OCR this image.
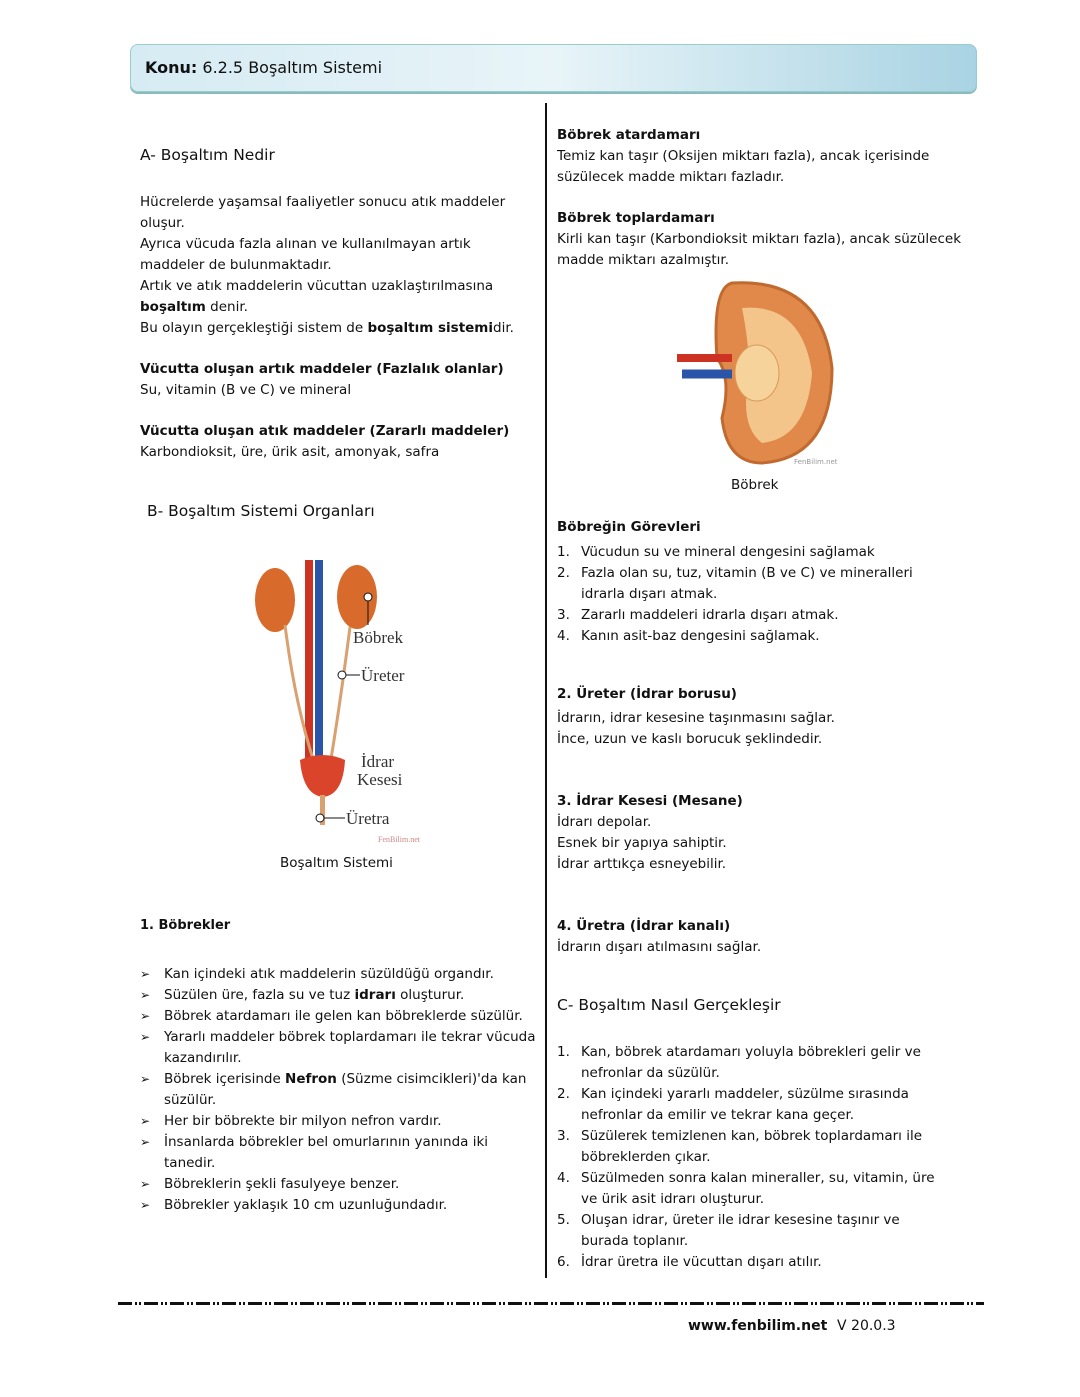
Konu: 6.2.5 Boşaltım Sistemi
A- Boşaltım Nedir
Hücrelerde yaşamsal faaliyetler sonucu atık maddeler oluşur.
Ayrıca vücuda fazla alınan ve kullanılmayan artık maddeler de bulunmaktadır.
Artık ve atık maddelerin vücuttan uzaklaştırılmasına boşaltım denir.
Bu olayın gerçekleştiği sistem de boşaltım sistemidir.
Vücutta oluşan artık maddeler (Fazlalık olanlar)
Su, vitamin (B ve C) ve mineral
Vücutta oluşan atık maddeler (Zararlı maddeler)
Karbondioksit, üre, ürik asit, amonyak, safra
B- Boşaltım Sistemi Organları
Böbrek
Üreter
İdrar
Kesesi
Üretra
FenBilim.net
Boşaltım Sistemi
1. Böbrekler
➢ Kan içindeki atık maddelerin süzüldüğü organdır.
➢ Süzülen üre, fazla su ve tuz idrarı oluşturur.
➢ Böbrek atardamarı ile gelen kan böbreklerde süzülür.
➢ Yararlı maddeler böbrek toplardamarı ile tekrar vücuda kazandırılır.
➢ Böbrek içerisinde Nefron (Süzme cisimcikleri)'da kan süzülür.
➢ Her bir böbrekte bir milyon nefron vardır.
➢ İnsanlarda böbrekler bel omurlarının yanında iki tanedir.
➢ Böbreklerin şekli fasulyeye benzer.
➢ Böbrekler yaklaşık 10 cm uzunluğundadır.
Böbrek atardamarı
Temiz kan taşır (Oksijen miktarı fazla), ancak içerisinde süzülecek madde miktarı fazladır.
Böbrek toplardamarı
Kirli kan taşır (Karbondioksit miktarı fazla), ancak süzülecek madde miktarı azalmıştır.
FenBilim.net
Böbrek
Böbreğin Görevleri
1. Vücudun su ve mineral dengesini sağlamak
2. Fazla olan su, tuz, vitamin (B ve C) ve mineralleri idrarla dışarı atmak.
3. Zararlı maddeleri idrarla dışarı atmak.
4. Kanın asit-baz dengesini sağlamak.
2. Üreter (İdrar borusu)
İdrarın, idrar kesesine taşınmasını sağlar.
İnce, uzun ve kaslı borucuk şeklindedir.
3. İdrar Kesesi (Mesane)
İdrarı depolar.
Esnek bir yapıya sahiptir.
İdrar arttıkça esneyebilir.
4. Üretra (İdrar kanalı)
İdrarın dışarı atılmasını sağlar.
C- Boşaltım Nasıl Gerçekleşir
1. Kan, böbrek atardamarı yoluyla böbrekleri gelir ve nefronlar da süzülür.
2. Kan içindeki yararlı maddeler, süzülme sırasında nefronlar da emilir ve tekrar kana geçer.
3. Süzülerek temizlenen kan, böbrek toplardamarı ile böbreklerden çıkar.
4. Süzülmeden sonra kalan mineraller, su, vitamin, üre ve ürik asit idrarı oluşturur.
5. Oluşan idrar, üreter ile idrar kesesine taşınır ve burada toplanır.
6. İdrar üretra ile vücuttan dışarı atılır.
www.fenbilim.net V 20.0.3
